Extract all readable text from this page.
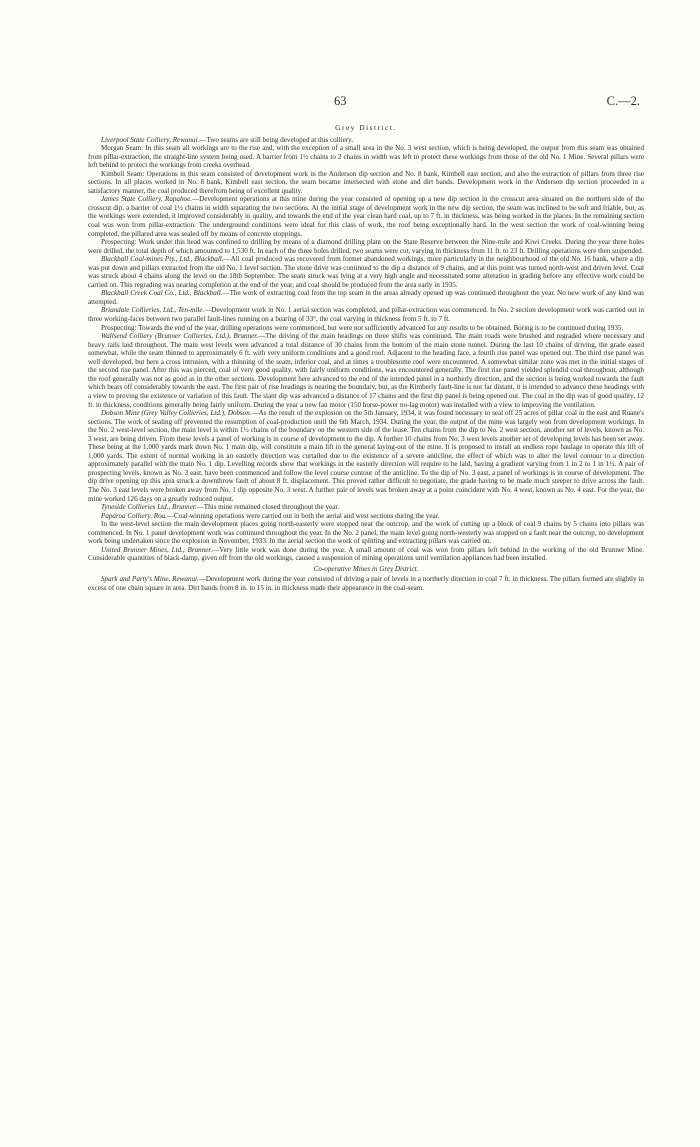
63	C.—2.
Grey District.

Liverpool State Colliery, Rewanui.—Two seams are still being developed at this colliery.

Morgan Seam: In this seam all workings are to the rise and, with the exception of a small area in the No. 3 west section, which is being developed, the output from this seam was obtained from pillar-extraction, the straight-line system being used. A barrier from 1½ chains to 2 chains in width was left to protect these workings from those of the old No. 1 Mine. Several pillars were left behind to protect the workings from creeks overhead.

Kimbell Seam: Operations in this seam consisted of development work in the Anderson dip section and No. 8 bank, Kimbell east section, and also the extraction of pillars from three rise sections. In all places worked in No. 8 bank, Kimbell east section, the seam became intersected with stone and dirt bands. Development work in the Anderson dip section proceeded in a satisfactory manner, the coal produced therefrom being of excellent quality.

James State Colliery, Rapahoe.—Development operations at this mine during the year consisted of opening up a new dip section in the crosscut area situated on the northern side of the crosscut dip, a barrier of coal 1½ chains in width separating the two sections. At the initial stage of development work in the new dip section, the seam was inclined to be soft and friable, but, as the workings were extended, it improved considerably in quality, and towards the end of the year clean hard coal, up to 7 ft. in thickness, was being worked in the places. In the remaining section coal was won from pillar-extraction. The underground conditions were ideal for this class of work, the roof being exceptionally hard. In the west section the work of coal-winning being completed, the pillared area was sealed off by means of concrete stoppings.

Prospecting: Work under this head was confined to drilling by means of a diamond drilling plant on the State Reserve between the Nine-mile and Kiwi Creeks. During the year three holes were drilled, the total depth of which amounted to 1,530 ft. In each of the three holes drilled, two seams were cut, varying in thickness from 11 ft. to 23 ft. Drilling operations were then suspended.

Blackball Coal-mines Pty., Ltd., Blackball.—All coal produced was recovered from former abandoned workings, more particularly in the neighbourhood of the old No. 16 bank, where a dip was put down and pillars extracted from the old No. 1 level section. The stone drive was continued to the dip a distance of 9 chains, and at this point was turned north-west and driven level. Coal was struck about 4 chains along the level on the 18th September. The seam struck was lying at a very high angle and necessitated some alteration in grading before any effective work could be carried on. This regrading was nearing completion at the end of the year, and coal should be produced from the area early in 1935.

Blackball Creek Coal Co., Ltd., Blackball.—The work of extracting coal from the top seam in the areas already opened up was continued throughout the year. No new work of any kind was attempted.

Briandale Collieries, Ltd., Ten-mile.—Development work in No. 1 aerial section was completed, and pillar-extraction was commenced. In No. 2 section development work was carried out in three working-faces between two parallel fault-lines running on a bearing of 33°, the coal varying in thickness from 5 ft. to 7 ft.

Prospecting: Towards the end of the year, drilling operations were commenced, but were not sufficiently advanced for any results to be obtained. Boring is to be continued during 1935.

Wallsend Colliery (Brunner Collieries, Ltd.), Brunner.—The driving of the main headings on three shifts was continued. The main roads were brushed and regraded where necessary and heavy rails laid throughout. The main west levels were advanced a total distance of 30 chains from the bottom of the main stone tunnel. During the last 10 chains of driving, the grade eased somewhat, while the seam thinned to approximately 6 ft. with very uniform conditions and a good roof. Adjacent to the heading face, a fourth rise panel was opened out. The third rise panel was well developed, but here a cross intrusion, with a thinning of the seam, inferior coal, and at times a troublesome roof were encountered. A somewhat similar zone was met in the initial stages of the second rise panel. After this was pierced, coal of very good quality, with fairly uniform conditions, was encountered generally. The first rise panel yielded splendid coal throughout, although the roof generally was not as good as in the other sections. Development here advanced to the end of the intended panel in a northerly direction, and the section is being worked towards the fault which bears off considerably towards the east. The first pair of rise headings is nearing the boundary, but, as the Kimberly fault-line is not far distant, it is intended to advance these headings with a view to proving the existence or variation of this fault. The slant dip was advanced a distance of 17 chains and the first dip panel is being opened out. The coal in the dip was of good quality, 12 ft. in thickness, conditions generally being fairly uniform. During the year a new fan motor (150 horse-power no-lag motor) was installed with a view to improving the ventilation.

Dobson Mine (Grey Valley Collieries, Ltd.), Dobson.—As the result of the explosion on the 5th January, 1934, it was found necessary to seal off 25 acres of pillar coal in the east and Ruane's sections. The work of sealing off prevented the resumption of coal-production until the 6th March, 1934. During the year, the output of the mine was largely won from development workings. In the No. 2 west-level section, the main level is within 1½ chains of the boundary on the western side of the lease. Ten chains from the dip to No. 2 west section, another set of levels, known as No. 3 west, are being driven. From these levels a panel of working is in course of development to the dip. A further 10 chains from No. 3 west levels another set of developing levels has been set away. These being at the 1,000 yards mark down No. 1 main dip, will constitute a main lift in the general laying-out of the mine. It is proposed to install an endless rope haulage to operate this lift of 1,000 yards. The extent of normal working in an easterly direction was curtailed due to the existence of a severe anticline, the effect of which was to alter the level contour to a direction approximately parallel with the main No. 1 dip. Levelling records show that workings in the easterly direction will require to be laid, having a gradient varying from 1 in 2 to 1 in 1½. A pair of prospecting levels, known as No. 3 east, have been commenced and follow the level course contour of the anticline. To the dip of No. 3 east, a panel of workings is in course of development. The dip drive opening up this area struck a downthrow fault of about 8 ft. displacement. This proved rather difficult to negotiate, the grade having to be made much steeper to drive across the fault. The No. 3 east levels were broken away from No. 1 dip opposite No. 3 west. A further pair of levels was broken away at a point coincident with No. 4 west, known as No. 4 east. For the year, the mine worked 126 days on a greatly reduced output.

Tyneside Collieries Ltd., Brunner.—This mine remained closed throughout the year.

Paparoa Colliery, Roa.—Coal-winning operations were carried out in both the aerial and west sections during the year.

In the west-level section the main development places going north-easterly were stopped near the outcrop, and the work of cutting up a block of coal 9 chains by 5 chains into pillars was commenced. In No. 1 panel development work was continued throughout the year. In the No. 2 panel, the main level going north-westerly was stopped on a fault near the outcrop, no development work being undertaken since the explosion in November, 1933. In the aerial section the work of splitting and extracting pillars was carried on.

United Brunner Mines, Ltd., Brunner.—Very little work was done during the year. A small amount of coal was won from pillars left behind in the working of the old Brunner Mine. Considerable quantities of black-damp, given off from the old workings, caused a suspension of mining operations until ventilation appliances had been installed.

Co-operative Mines in Grey District.

Spark and Party's Mine, Rewanui.—Development work during the year consisted of driving a pair of levels in a northerly direction in coal 7 ft. in thickness. The pillars formed are slightly in excess of one chain square in area. Dirt bands from 8 in. to 15 in. in thickness made their appearance in the coal-seam.
